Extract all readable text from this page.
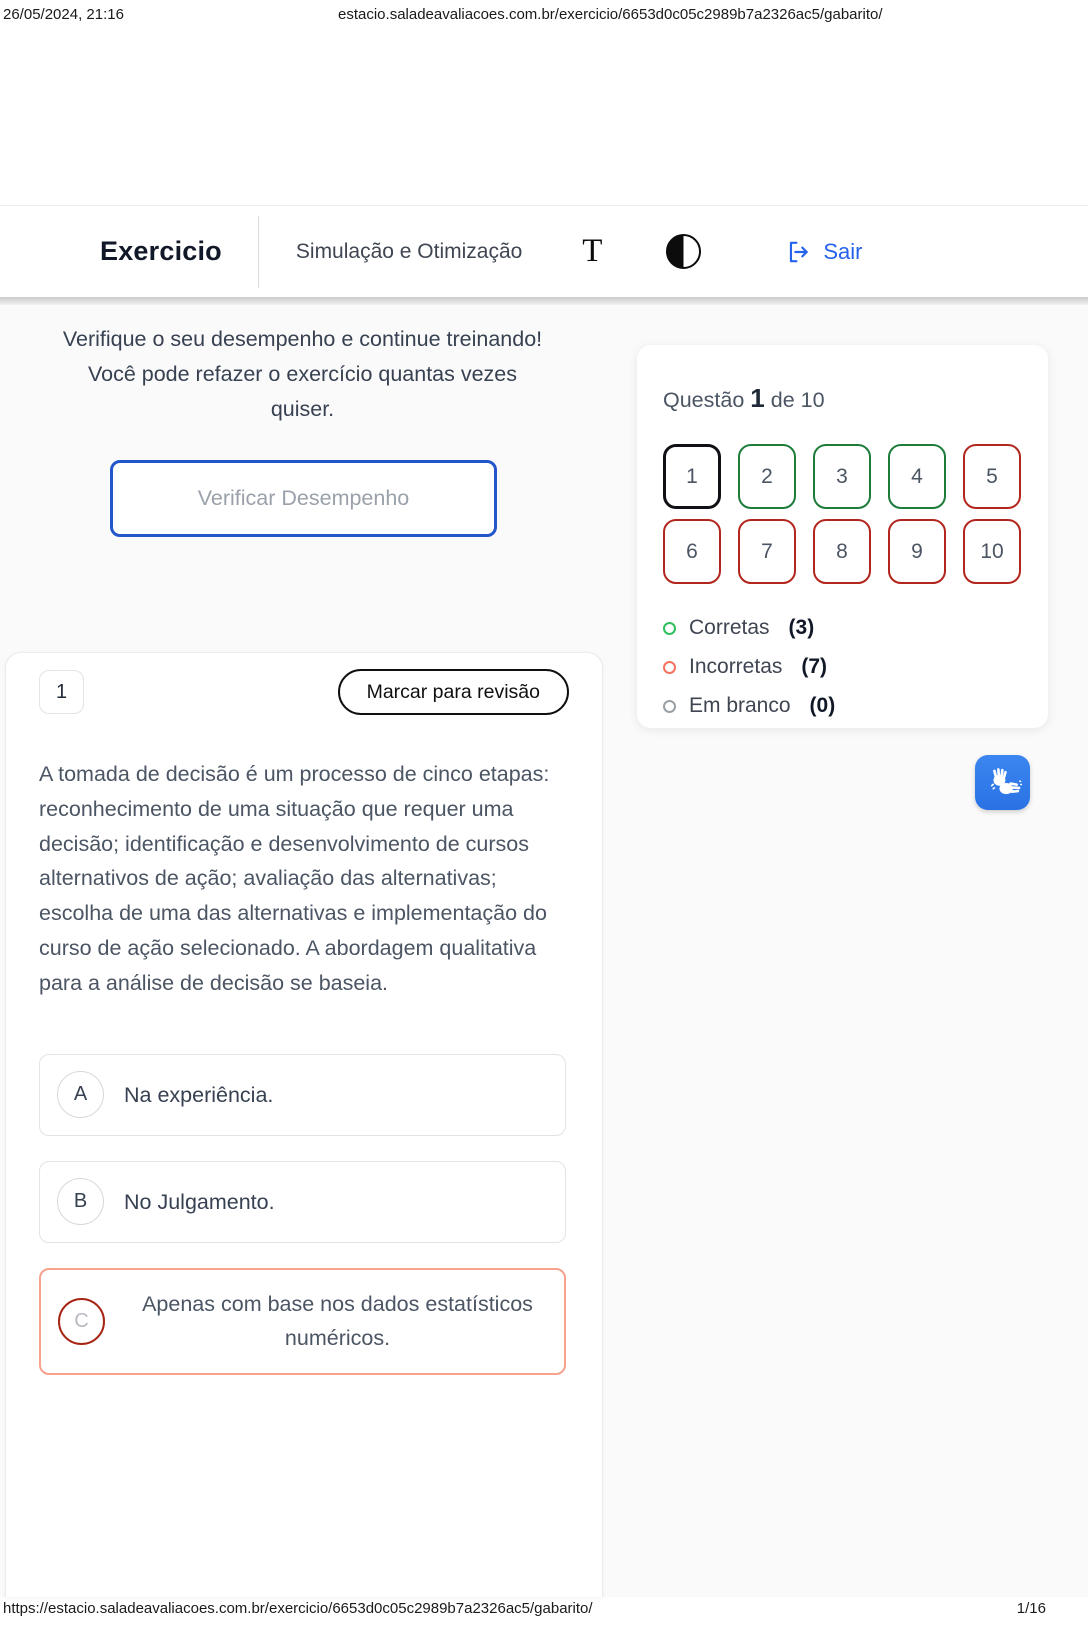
26/05/2024, 21:16	estacio.saladeavaliacoes.com.br/exercicio/6653d0c05c2989b7a2326ac5/gabarito/
Exercicio	Simulação e Otimização	T	Sair

Verifique o seu desempenho e continue treinando! Você pode refazer o exercício quantas vezes quiser.

Verificar Desempenho
Questão 1 de 10
1	2	3	4	5
6	7	8	9	10
Corretas (3)
Incorretas (7)
Em branco (0)
1	Marcar para revisão

A tomada de decisão é um processo de cinco etapas: reconhecimento de uma situação que requer uma decisão; identificação e desenvolvimento de cursos alternativos de ação; avaliação das alternativas; escolha de uma das alternativas e implementação do curso de ação selecionado. A abordagem qualitativa para a análise de decisão se baseia.

A	Na experiência.
B	No Julgamento.
C
Apenas com base nos dados estatísticos numéricos.
https://estacio.saladeavaliacoes.com.br/exercicio/6653d0c05c2989b7a2326ac5/gabarito/	1/16
